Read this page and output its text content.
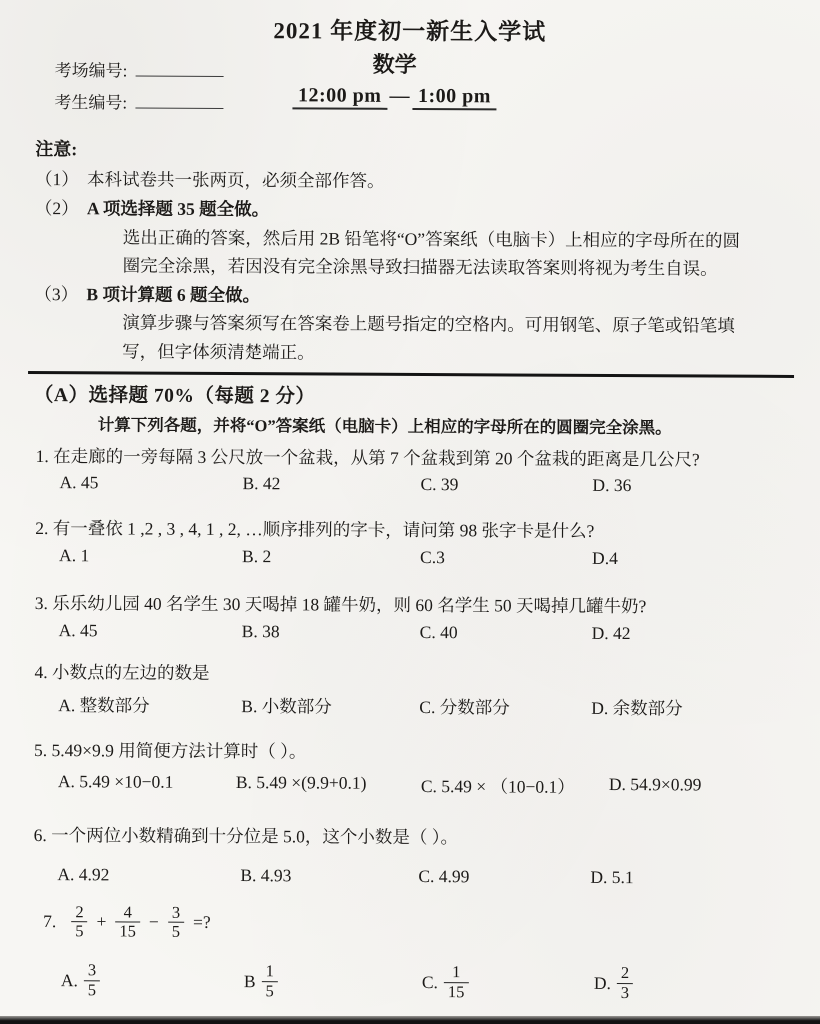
2021 年度初一新生入学试
数学
12:00 pm — 1:00 pm
考场编号:
考生编号:
注意:
（1） 本科试卷共一张两页，必须全部作答。
（2） A 项选择题 35 题全做。
选出正确的答案，然后用 2B 铅笔将“O”答案纸（电脑卡）上相应的字母所在的圆
圈完全涂黑，若因没有完全涂黑导致扫描器无法读取答案则将视为考生自误。
（3） B 项计算题 6 题全做。
演算步骤与答案须写在答案卷上题号指定的空格内。可用钢笔、原子笔或铅笔填
写，但字体须清楚端正。
（A）选择题 70%（每题 2 分）
计算下列各题，并将“O”答案纸（电脑卡）上相应的字母所在的圆圈完全涂黑。
1. 在走廊的一旁每隔 3 公尺放一个盆栽，从第 7 个盆栽到第 20 个盆栽的距离是几公尺?
A. 45	B. 42	C. 39	D. 36
2. 有一叠依 1 ,2 , 3 , 4, 1 , 2, …顺序排列的字卡，请问第 98 张字卡是什么?
A. 1	B. 2	C.3	D.4
3. 乐乐幼儿园 40 名学生 30 天喝掉 18 罐牛奶，则 60 名学生 50 天喝掉几罐牛奶?
A. 45	B. 38	C. 40	D. 42
4. 小数点的左边的数是
A. 整数部分	B. 小数部分	C. 分数部分	D. 余数部分
5. 5.49×9.9 用简便方法计算时（ ）。
A. 5.49 ×10−0.1	B. 5.49 ×(9.9+0.1)	C. 5.49 × （10−0.1）	D. 54.9×0.99
6. 一个两位小数精确到十分位是 5.0，这个小数是（ ）。
A. 4.92	B. 4.93	C. 4.99	D. 5.1
7. $\frac{2}{5} + \frac{4}{15} - \frac{3}{5}$ =?
A. $\frac{3}{5}$	B $\frac{1}{5}$	C. $\frac{1}{15}$	D. $\frac{2}{3}$
